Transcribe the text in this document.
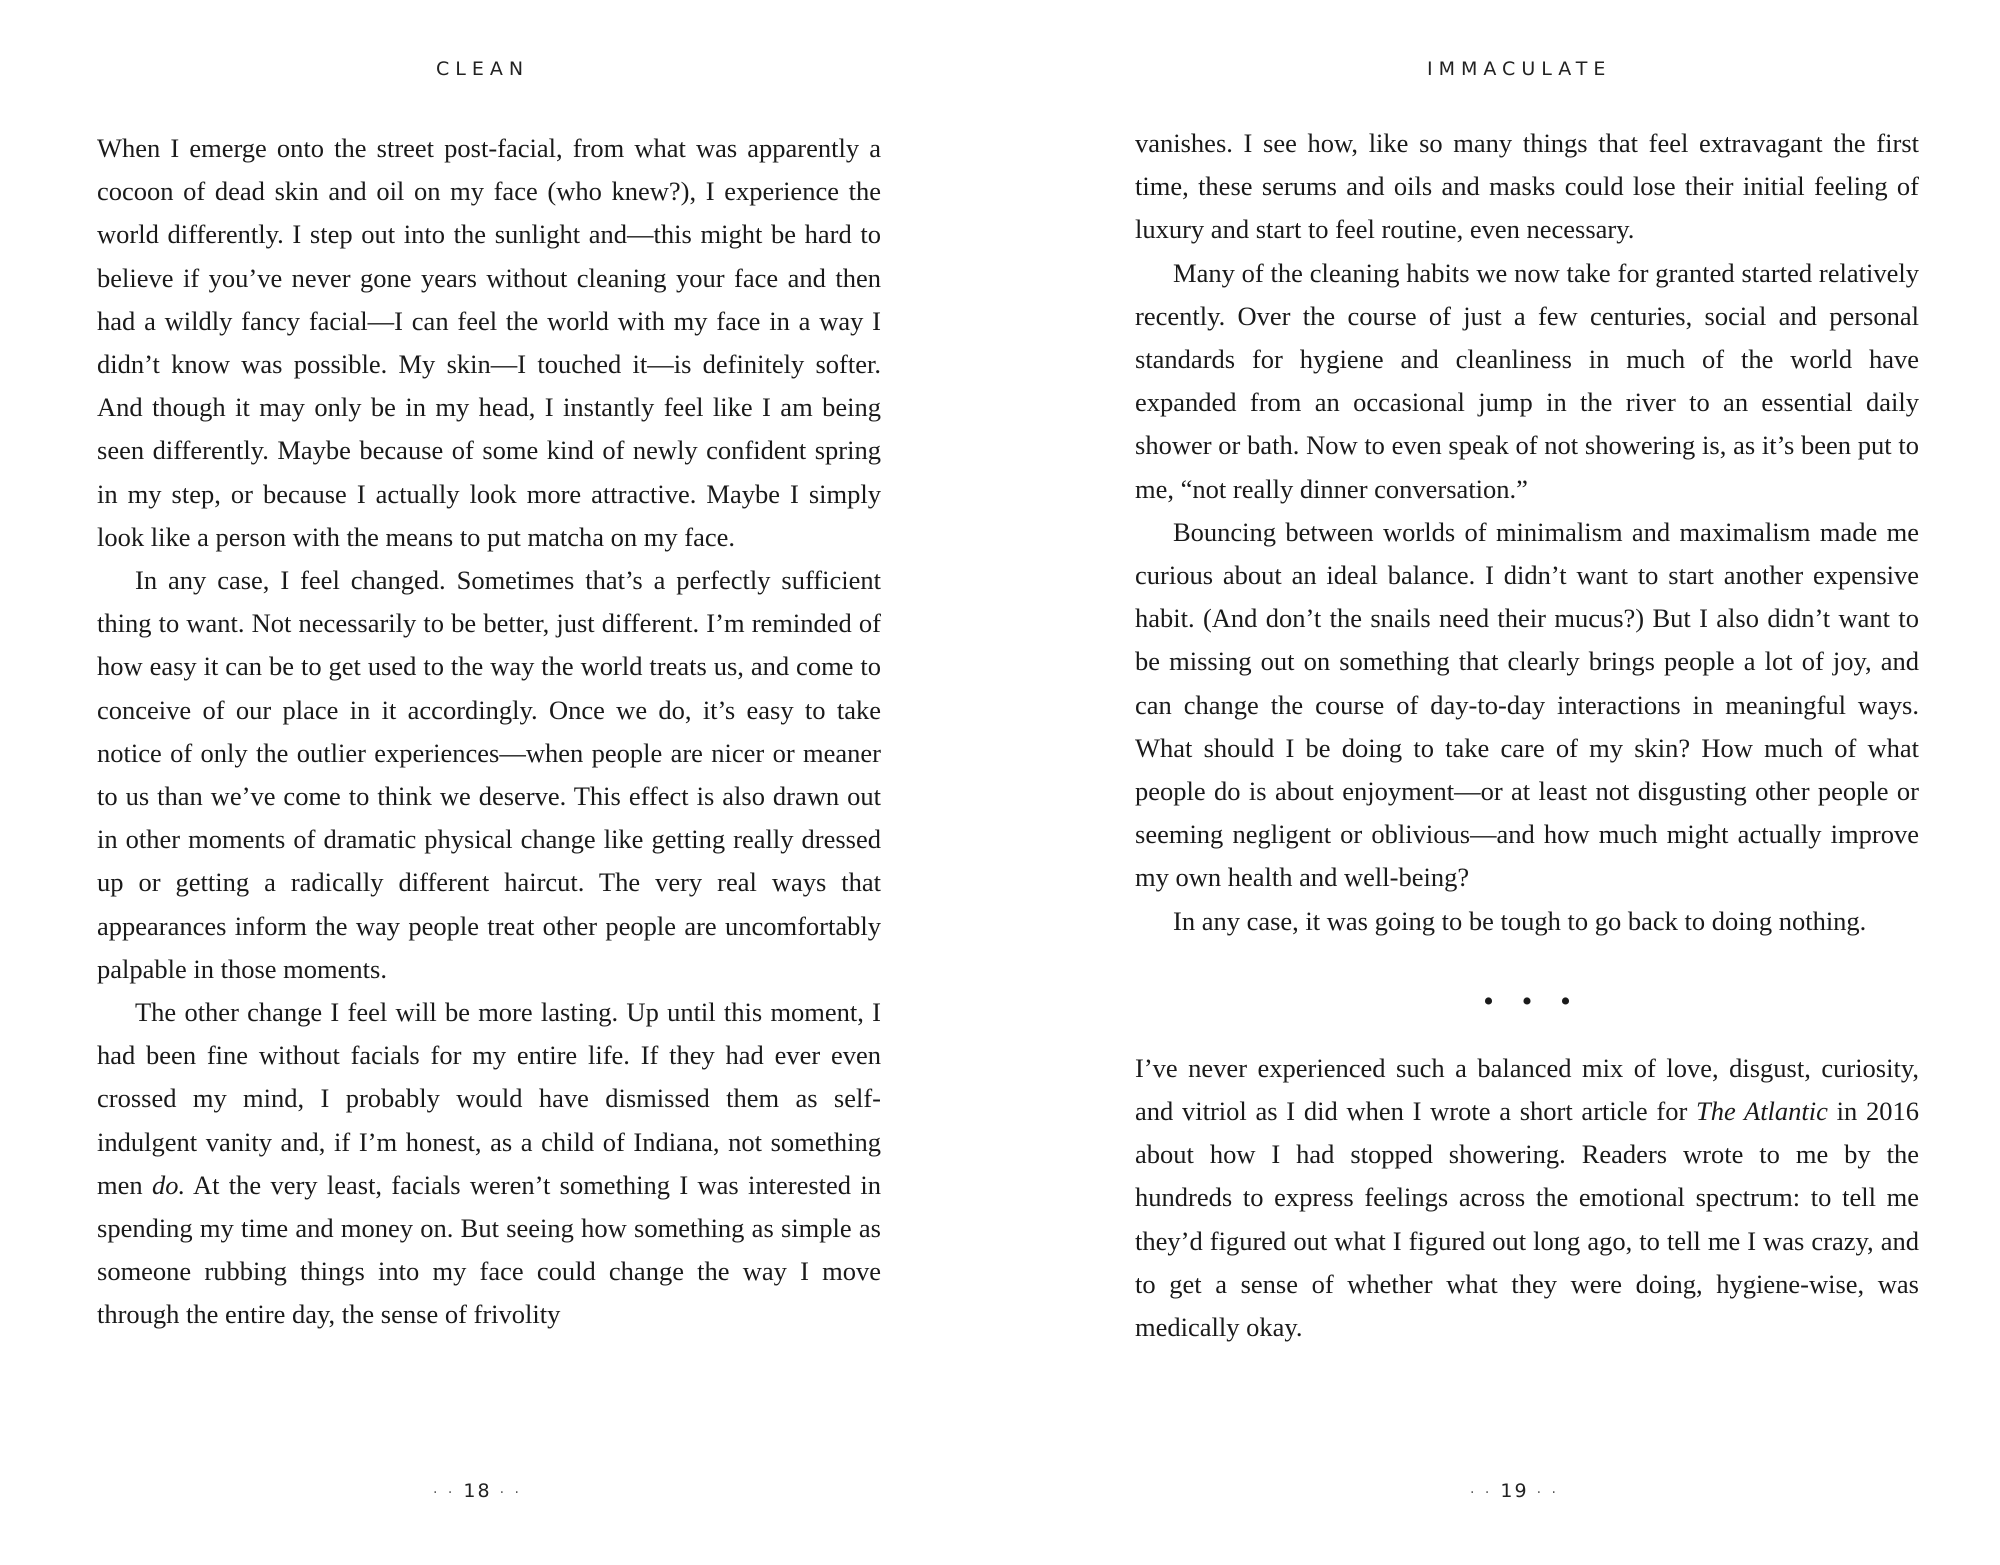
CLEAN

When I emerge onto the street post-facial, from what was apparently a cocoon of dead skin and oil on my face (who knew?), I experience the world differently. I step out into the sunlight and—this might be hard to believe if you’ve never gone years without cleaning your face and then had a wildly fancy facial—I can feel the world with my face in a way I didn’t know was possible. My skin—I touched it—is definitely softer. And though it may only be in my head, I instantly feel like I am being seen differently. Maybe because of some kind of newly confident spring in my step, or because I actually look more attractive. Maybe I simply look like a person with the means to put matcha on my face.

In any case, I feel changed. Sometimes that’s a perfectly sufficient thing to want. Not necessarily to be better, just different. I’m reminded of how easy it can be to get used to the way the world treats us, and come to conceive of our place in it accordingly. Once we do, it’s easy to take notice of only the outlier experiences—when people are nicer or meaner to us than we’ve come to think we deserve. This effect is also drawn out in other moments of dramatic physical change like getting really dressed up or getting a radically different haircut. The very real ways that appearances inform the way people treat other people are uncomfortably palpable in those moments.

The other change I feel will be more lasting. Up until this moment, I had been fine without facials for my entire life. If they had ever even crossed my mind, I probably would have dismissed them as self-indulgent vanity and, if I’m honest, as a child of Indiana, not something men do. At the very least, facials weren’t something I was interested in spending my time and money on. But seeing how something as simple as someone rubbing things into my face could change the way I move through the entire day, the sense of frivolity

· · 18 · ·
IMMACULATE

vanishes. I see how, like so many things that feel extravagant the first time, these serums and oils and masks could lose their initial feeling of luxury and start to feel routine, even necessary.

Many of the cleaning habits we now take for granted started relatively recently. Over the course of just a few centuries, social and personal standards for hygiene and cleanliness in much of the world have expanded from an occasional jump in the river to an essential daily shower or bath. Now to even speak of not showering is, as it’s been put to me, “not really dinner conversation.”

Bouncing between worlds of minimalism and maximalism made me curious about an ideal balance. I didn’t want to start another expensive habit. (And don’t the snails need their mucus?) But I also didn’t want to be missing out on something that clearly brings people a lot of joy, and can change the course of day-to-day interactions in meaningful ways. What should I be doing to take care of my skin? How much of what people do is about enjoyment—or at least not disgusting other people or seeming negligent or oblivious—and how much might actually improve my own health and well-being?

In any case, it was going to be tough to go back to doing nothing.

•••

I’ve never experienced such a balanced mix of love, disgust, curiosity, and vitriol as I did when I wrote a short article for The Atlantic in 2016 about how I had stopped showering. Readers wrote to me by the hundreds to express feelings across the emotional spectrum: to tell me they’d figured out what I figured out long ago, to tell me I was crazy, and to get a sense of whether what they were doing, hygiene-wise, was medically okay.

· · 19 · ·
